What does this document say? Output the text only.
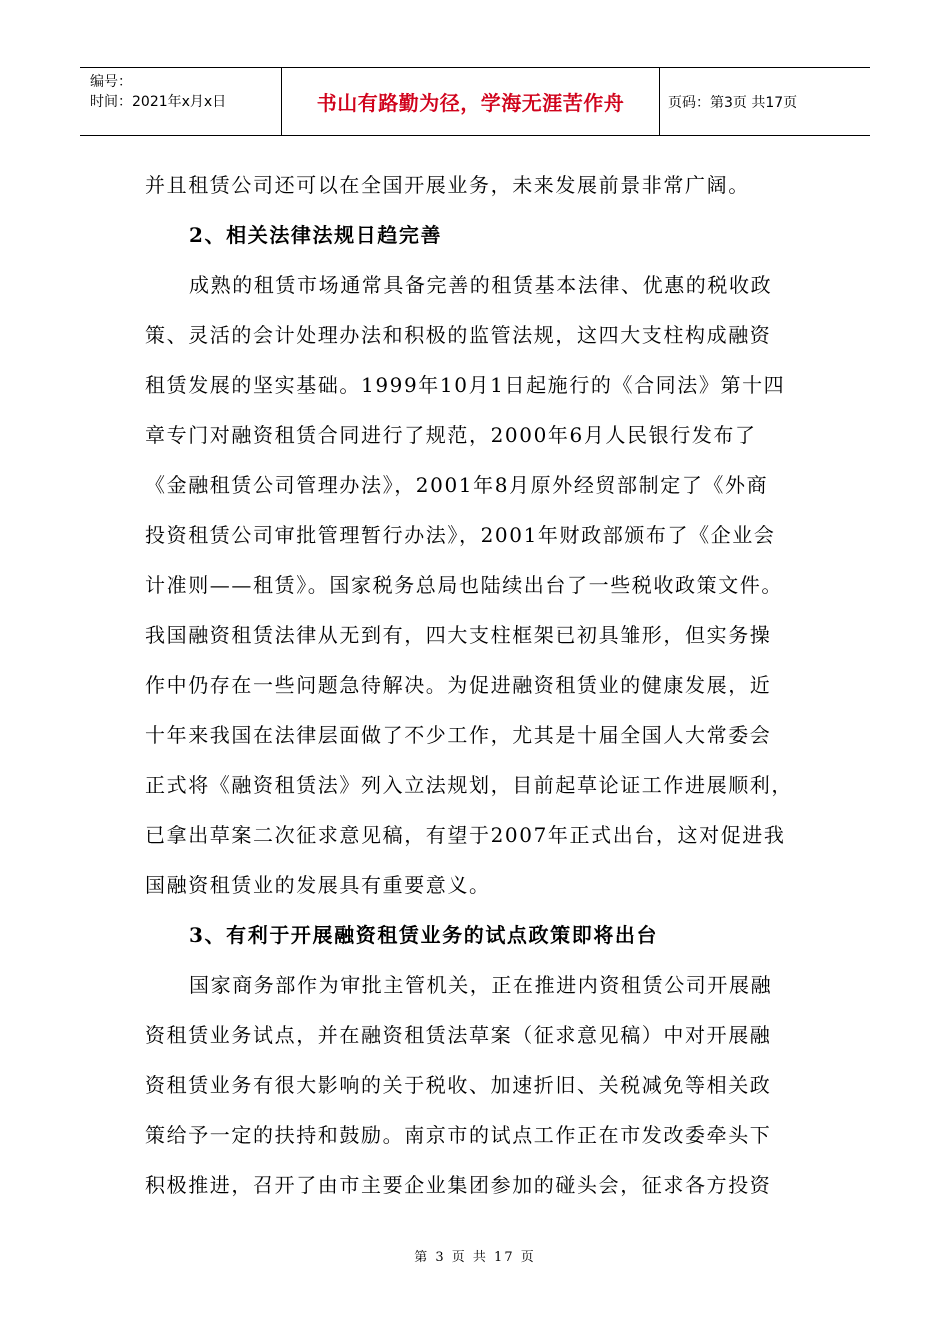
编号：
时间：2021年x月x日	书山有路勤为径，学海无涯苦作舟	页码：第3页 共17页
并且租赁公司还可以在全国开展业务，未来发展前景非常广阔。
2、相关法律法规日趋完善
成熟的租赁市场通常具备完善的租赁基本法律、优惠的税收政
策、灵活的会计处理办法和积极的监管法规，这四大支柱构成融资
租赁发展的坚实基础。1999年10月1日起施行的《合同法》第十四
章专门对融资租赁合同进行了规范，2000年6月人民银行发布了
《金融租赁公司管理办法》，2001年8月原外经贸部制定了《外商
投资租赁公司审批管理暂行办法》，2001年财政部颁布了《企业会
计准则——租赁》。国家税务总局也陆续出台了一些税收政策文件。
我国融资租赁法律从无到有，四大支柱框架已初具雏形，但实务操
作中仍存在一些问题急待解决。为促进融资租赁业的健康发展，近
十年来我国在法律层面做了不少工作，尤其是十届全国人大常委会
正式将《融资租赁法》列入立法规划，目前起草论证工作进展顺利，
已拿出草案二次征求意见稿，有望于2007年正式出台，这对促进我
国融资租赁业的发展具有重要意义。
3、有利于开展融资租赁业务的试点政策即将出台
国家商务部作为审批主管机关，正在推进内资租赁公司开展融
资租赁业务试点，并在融资租赁法草案（征求意见稿）中对开展融
资租赁业务有很大影响的关于税收、加速折旧、关税减免等相关政
策给予一定的扶持和鼓励。南京市的试点工作正在市发改委牵头下
积极推进，召开了由市主要企业集团参加的碰头会，征求各方投资
第 3 页 共 17 页
